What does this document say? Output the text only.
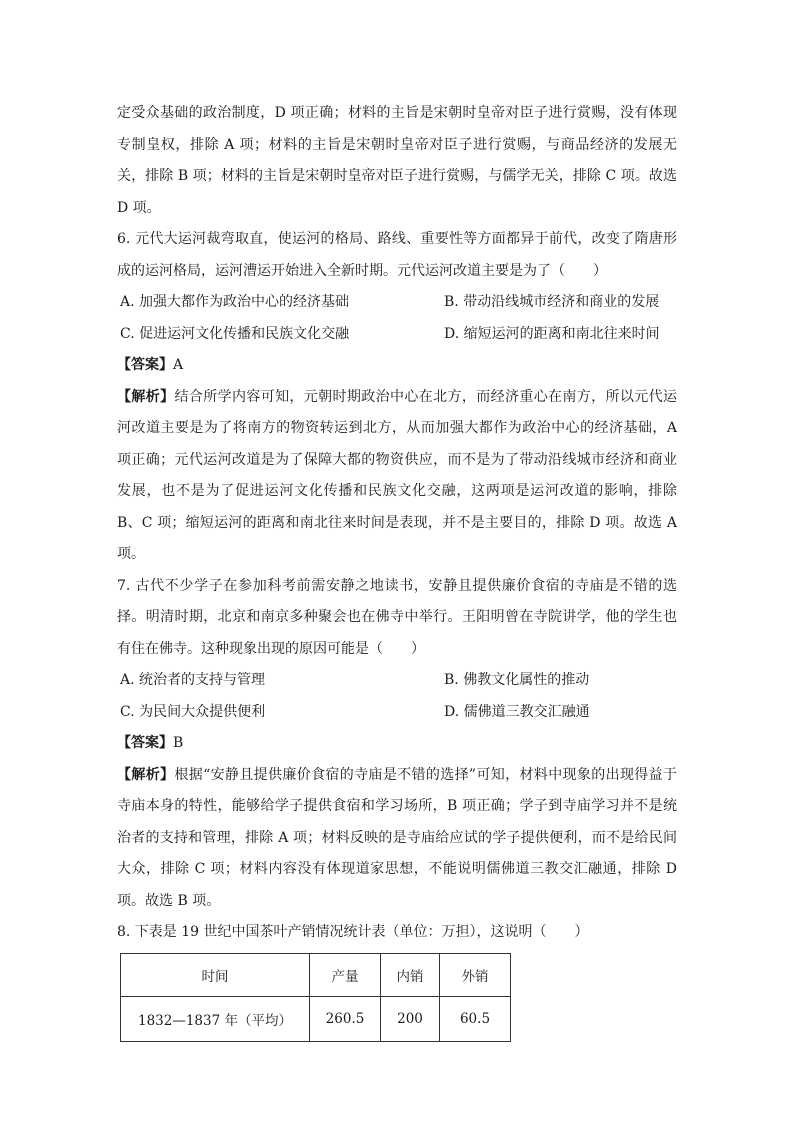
定受众基础的政治制度，D 项正确；材料的主旨是宋朝时皇帝对臣子进行赏赐，没有体现
专制皇权，排除 A 项；材料的主旨是宋朝时皇帝对臣子进行赏赐，与商品经济的发展无
关，排除 B 项；材料的主旨是宋朝时皇帝对臣子进行赏赐，与儒学无关，排除 C 项。故选
D 项。
6. 元代大运河裁弯取直，使运河的格局、路线、重要性等方面都异于前代，改变了隋唐形
成的运河格局，运河漕运开始进入全新时期。元代运河改道主要是为了（　　）
A. 加强大都作为政治中心的经济基础	B. 带动沿线城市经济和商业的发展
C. 促进运河文化传播和民族文化交融	D. 缩短运河的距离和南北往来时间
【答案】A
【解析】结合所学内容可知，元朝时期政治中心在北方，而经济重心在南方，所以元代运
河改道主要是为了将南方的物资转运到北方，从而加强大都作为政治中心的经济基础，A
项正确；元代运河改道是为了保障大都的物资供应，而不是为了带动沿线城市经济和商业
发展，也不是为了促进运河文化传播和民族文化交融，这两项是运河改道的影响，排除
B、C 项；缩短运河的距离和南北往来时间是表现，并不是主要目的，排除 D 项。故选 A
项。
7. 古代不少学子在参加科考前需安静之地读书，安静且提供廉价食宿的寺庙是不错的选
择。明清时期，北京和南京多种聚会也在佛寺中举行。王阳明曾在寺院讲学，他的学生也
有住在佛寺。这种现象出现的原因可能是（　　）
A. 统治者的支持与管理	B. 佛教文化属性的推动
C. 为民间大众提供便利	D. 儒佛道三教交汇融通
【答案】B
【解析】根据“安静且提供廉价食宿的寺庙是不错的选择”可知，材料中现象的出现得益于
寺庙本身的特性，能够给学子提供食宿和学习场所，B 项正确；学子到寺庙学习并不是统
治者的支持和管理，排除 A 项；材料反映的是寺庙给应试的学子提供便利，而不是给民间
大众，排除 C 项；材料内容没有体现道家思想，不能说明儒佛道三教交汇融通，排除 D
项。故选 B 项。
8. 下表是 19 世纪中国茶叶产销情况统计表（单位：万担），这说明（　　）
时间	产量	内销	外销
1832—1837 年（平均）	260.5	200	60.5
